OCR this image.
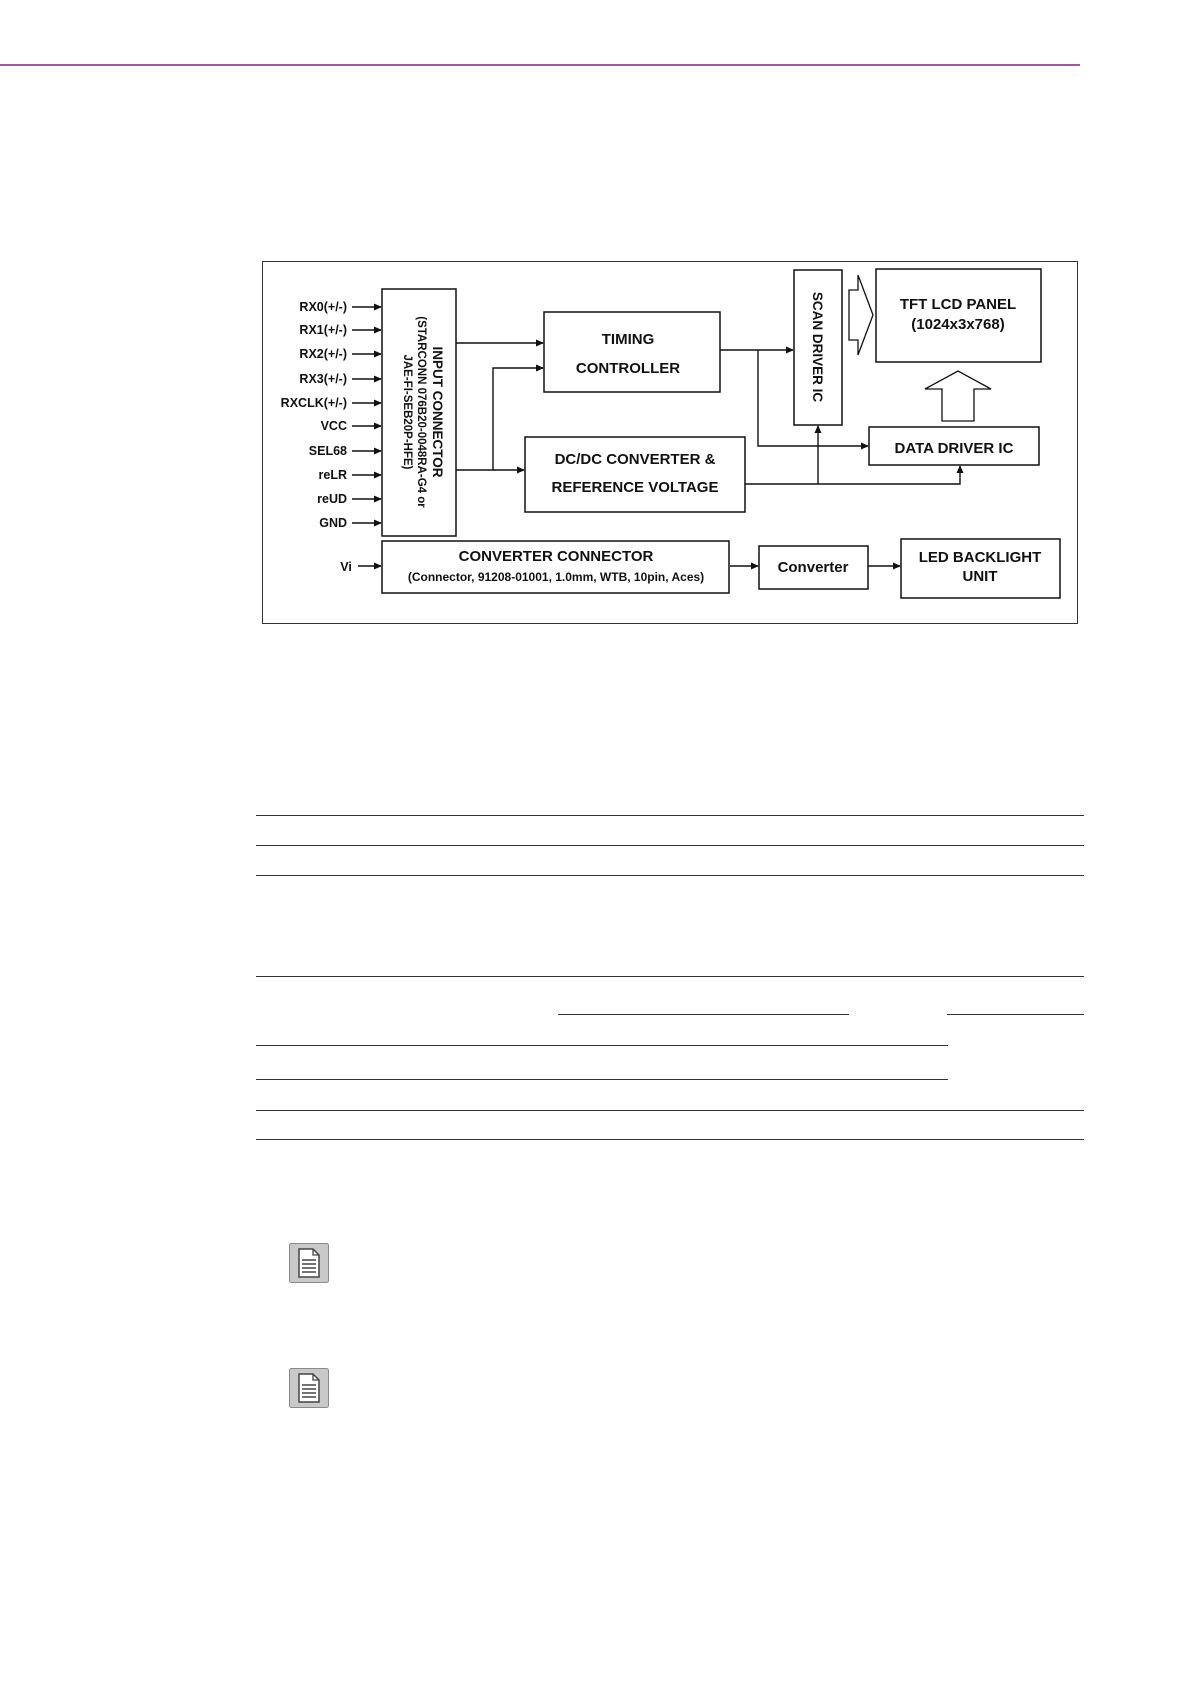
RX0(+/-)
RX1(+/-)
RX2(+/-)
RX3(+/-)
RXCLK(+/-)
VCC
SEL68
reLR
reUD
GND
INPUT CONNECTOR
(STARCONN 076B20-0048RA-G4 or
JAE-FI-SEB20P-HFE)
TIMING
CONTROLLER
DC/DC CONVERTER &
REFERENCE VOLTAGE
SCAN DRIVER IC	TFT LCD PANEL
(1024x3x768)
DATA DRIVER IC
Vi
CONVERTER CONNECTOR
(Connector, 91208-01001, 1.0mm, WTB, 10pin, Aces)
Converter
LED BACKLIGHT
UNIT
